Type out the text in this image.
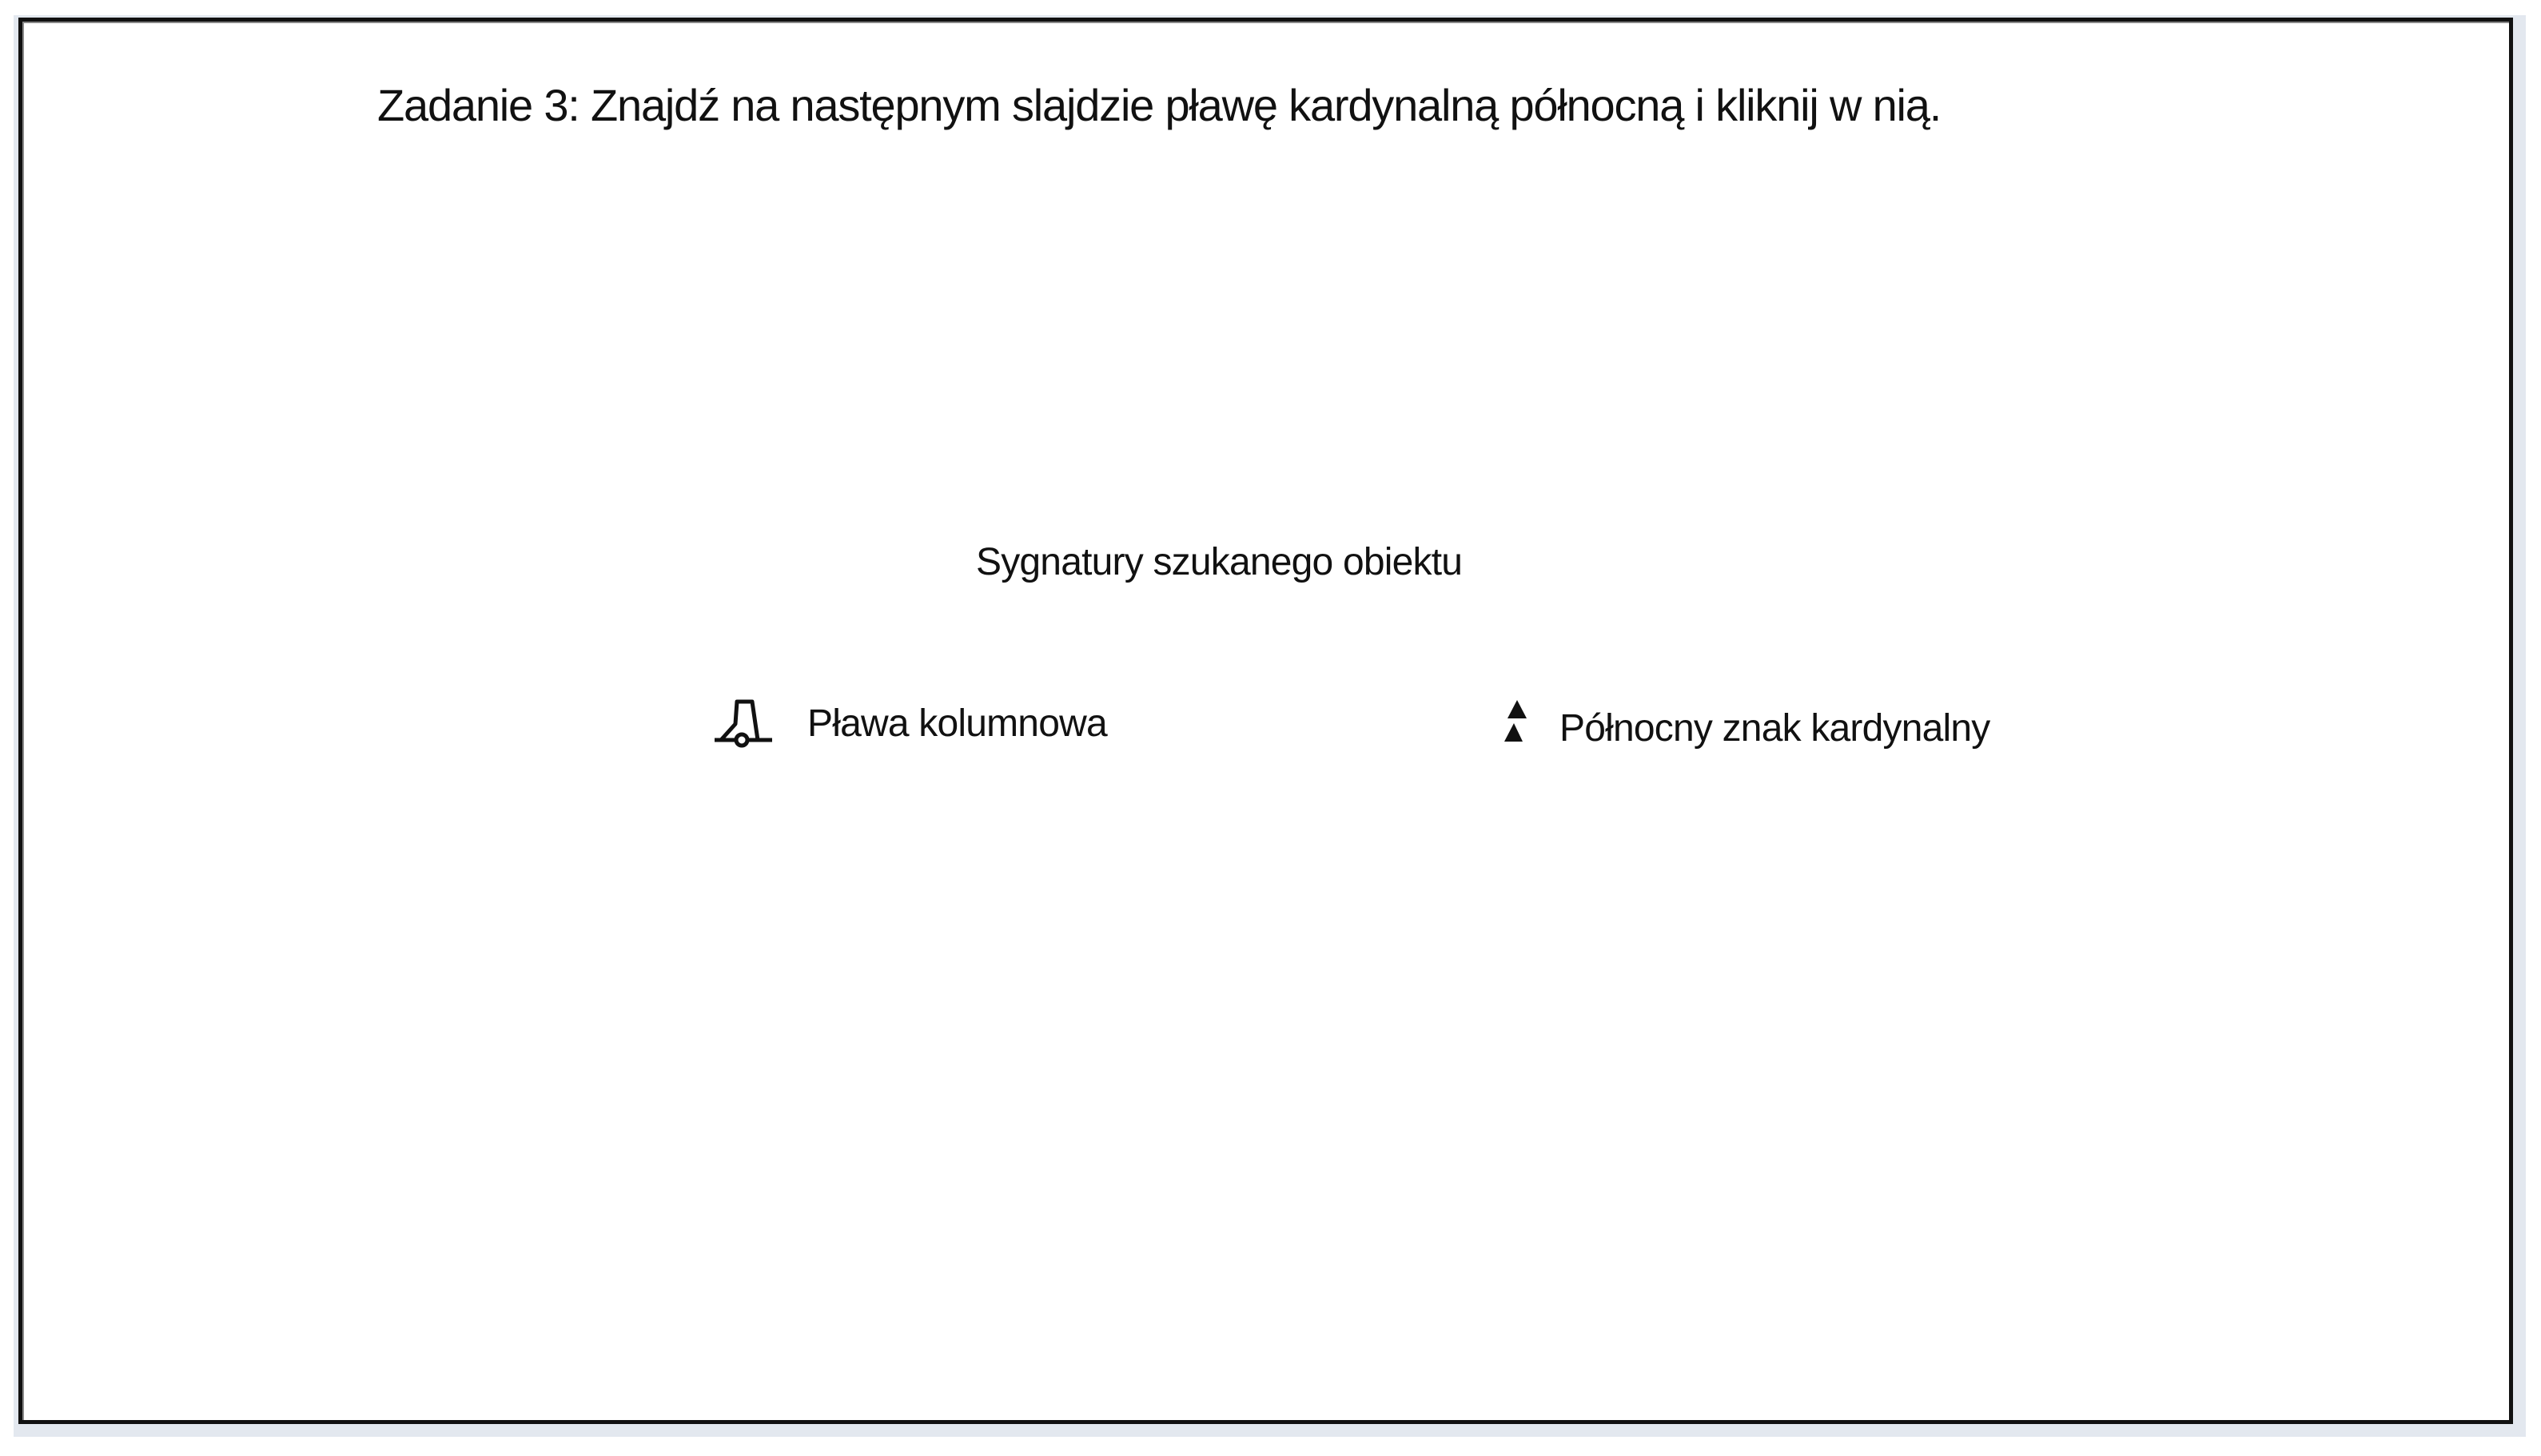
Zadanie 3: Znajdź na następnym slajdzie pławę kardynalną północną i kliknij w nią.
Sygnatury szukanego obiektu
Pława kolumnowa	Północny znak kardynalny
